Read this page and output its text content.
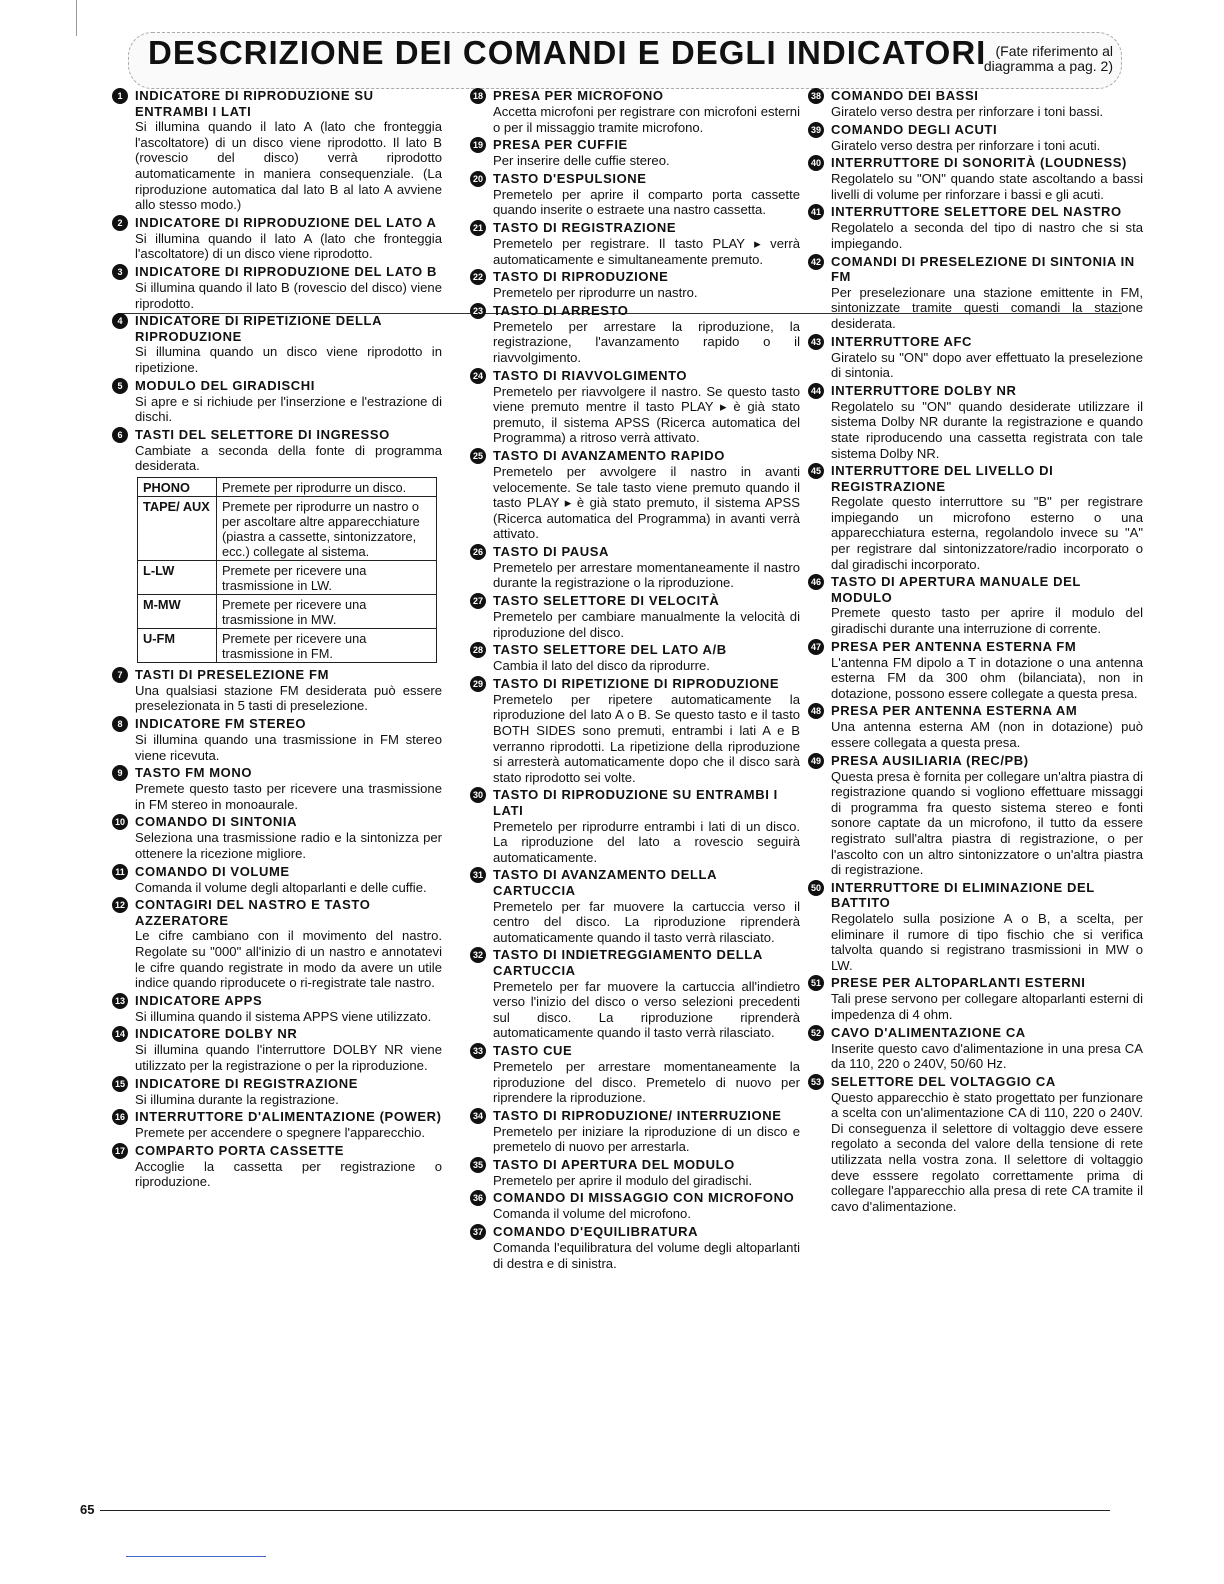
DESCRIZIONE DEI COMANDI E DEGLI INDICATORI (Fate riferimento al diagramma a pag. 2)
1 INDICATORE DI RIPRODUZIONE SU ENTRAMBI I LATI
Si illumina quando il lato A (lato che fronteggia l'ascoltatore) di un disco viene riprodotto. Il lato B (rovescio del disco) verrà riprodotto automaticamente in maniera consequenziale. (La riproduzione automatica dal lato B al lato A avviene allo stesso modo.)
2 INDICATORE DI RIPRODUZIONE DEL LATO A
Si illumina quando il lato A (lato che fronteggia l'ascoltatore) di un disco viene riprodotto.
3 INDICATORE DI RIPRODUZIONE DEL LATO B
Si illumina quando il lato B (rovescio del disco) viene riprodotto.
4 INDICATORE DI RIPETIZIONE DELLA RIPRODUZIONE
Si illumina quando un disco viene riprodotto in ripetizione.
5 MODULO DEL GIRADISCHI
Si apre e si richiude per l'inserzione e l'estrazione di dischi.
6 TASTI DEL SELETTORE DI INGRESSO
Cambiate a seconda della fonte di programma desiderata.
PHONO	Premete per riprodurre un disco.
TAPE/ AUX	Premete per riprodurre un nastro o per ascoltare altre apparecchiature (piastra a cassette, sintonizzatore, ecc.) collegate al sistema.
L-LW	Premete per ricevere una trasmissione in LW.
M-MW	Premete per ricevere una trasmissione in MW.
U-FM	Premete per ricevere una trasmissione in FM.
7 TASTI DI PRESELEZIONE FM
Una qualsiasi stazione FM desiderata può essere preselezionata in 5 tasti di preselezione.
8 INDICATORE FM STEREO
Si illumina quando una trasmissione in FM stereo viene ricevuta.
9 TASTO FM MONO
Premete questo tasto per ricevere una trasmissione in FM stereo in monoaurale.
10 COMANDO DI SINTONIA
Seleziona una trasmissione radio e la sintonizza per ottenere la ricezione migliore.
11 COMANDO DI VOLUME
Comanda il volume degli altoparlanti e delle cuffie.
12 CONTAGIRI DEL NASTRO E TASTO AZZERATORE
Le cifre cambiano con il movimento del nastro. Regolate su "000" all'inizio di un nastro e annotatevi le cifre quando registrate in modo da avere un utile indice quando riproducete o ri-registrate tale nastro.
13 INDICATORE APPS
Si illumina quando il sistema APPS viene utilizzato.
14 INDICATORE DOLBY NR
Si illumina quando l'interruttore DOLBY NR viene utilizzato per la registrazione o per la riproduzione.
15 INDICATORE DI REGISTRAZIONE
Si illumina durante la registrazione.
16 INTERRUTTORE D'ALIMENTAZIONE (POWER)
Premete per accendere o spegnere l'apparecchio.
17 COMPARTO PORTA CASSETTE
Accoglie la cassetta per registrazione o riproduzione.
18 PRESA PER MICROFONO
Accetta microfoni per registrare con microfoni esterni o per il missaggio tramite microfono.
19 PRESA PER CUFFIE
Per inserire delle cuffie stereo.
20 TASTO D'ESPULSIONE
Premetelo per aprire il comparto porta cassette quando inserite o estraete una nastro cassetta.
21 TASTO DI REGISTRAZIONE
Premetelo per registrare. Il tasto PLAY ▸ verrà automaticamente e simultaneamente premuto.
22 TASTO DI RIPRODUZIONE
Premetelo per riprodurre un nastro.
23 TASTO DI ARRESTO
Premetelo per arrestare la riproduzione, la registrazione, l'avanzamento rapido o il riavvolgimento.
24 TASTO DI RIAVVOLGIMENTO
Premetelo per riavvolgere il nastro. Se questo tasto viene premuto mentre il tasto PLAY ▸ è già stato premuto, il sistema APSS (Ricerca automatica del Programma) a ritroso verrà attivato.
25 TASTO DI AVANZAMENTO RAPIDO
Premetelo per avvolgere il nastro in avanti velocemente. Se tale tasto viene premuto quando il tasto PLAY ▸ è già stato premuto, il sistema APSS (Ricerca automatica del Programma) in avanti verrà attivato.
26 TASTO DI PAUSA
Premetelo per arrestare momentaneamente il nastro durante la registrazione o la riproduzione.
27 TASTO SELETTORE DI VELOCITÀ
Premetelo per cambiare manualmente la velocità di riproduzione del disco.
28 TASTO SELETTORE DEL LATO A/B
Cambia il lato del disco da riprodurre.
29 TASTO DI RIPETIZIONE DI RIPRODUZIONE
Premetelo per ripetere automaticamente la riproduzione del lato A o B. Se questo tasto e il tasto BOTH SIDES sono premuti, entrambi i lati A e B verranno riprodotti. La ripetizione della riproduzione si arresterà automaticamente dopo che il disco sarà stato riprodotto sei volte.
30 TASTO DI RIPRODUZIONE SU ENTRAMBI I LATI
Premetelo per riprodurre entrambi i lati di un disco. La riproduzione del lato a rovescio seguirà automaticamente.
31 TASTO DI AVANZAMENTO DELLA CARTUCCIA
Premetelo per far muovere la cartuccia verso il centro del disco. La riproduzione riprenderà automaticamente quando il tasto verrà rilasciato.
32 TASTO DI INDIETREGGIAMENTO DELLA CARTUCCIA
Premetelo per far muovere la cartuccia all'indietro verso l'inizio del disco o verso selezioni precedenti sul disco. La riproduzione riprenderà automaticamente quando il tasto verrà rilasciato.
33 TASTO CUE
Premetelo per arrestare momentaneamente la riproduzione del disco. Premetelo di nuovo per riprendere la riproduzione.
34 TASTO DI RIPRODUZIONE/ INTERRUZIONE
Premetelo per iniziare la riproduzione di un disco e premetelo di nuovo per arrestarla.
35 TASTO DI APERTURA DEL MODULO
Premetelo per aprire il modulo del giradischi.
36 COMANDO DI MISSAGGIO CON MICROFONO
Comanda il volume del microfono.
37 COMANDO D'EQUILIBRATURA
Comanda l'equilibratura del volume degli altoparlanti di destra e di sinistra.
38 COMANDO DEI BASSI
Giratelo verso destra per rinforzare i toni bassi.
39 COMANDO DEGLI ACUTI
Giratelo verso destra per rinforzare i toni acuti.
40 INTERRUTTORE DI SONORITÀ (LOUDNESS)
Regolatelo su "ON" quando state ascoltando a bassi livelli di volume per rinforzare i bassi e gli acuti.
41 INTERRUTTORE SELETTORE DEL NASTRO
Regolatelo a seconda del tipo di nastro che si sta impiegando.
42 COMANDI DI PRESELEZIONE DI SINTONIA IN FM
Per preselezionare una stazione emittente in FM, sintonizzate tramite questi comandi la stazione desiderata.
43 INTERRUTTORE AFC
Giratelo su "ON" dopo aver effettuato la preselezione di sintonia.
44 INTERRUTTORE DOLBY NR
Regolatelo su "ON" quando desiderate utilizzare il sistema Dolby NR durante la registrazione e quando state riproducendo una cassetta registrata con tale sistema Dolby NR.
45 INTERRUTTORE DEL LIVELLO DI REGISTRAZIONE
Regolate questo interruttore su "B" per registrare impiegando un microfono esterno o una apparecchiatura esterna, regolandolo invece su "A" per registrare dal sintonizzatore/radio incorporato o dal giradischi incorporato.
46 TASTO DI APERTURA MANUALE DEL MODULO
Premete questo tasto per aprire il modulo del giradischi durante una interruzione di corrente.
47 PRESA PER ANTENNA ESTERNA FM
L'antenna FM dipolo a T in dotazione o una antenna esterna FM da 300 ohm (bilanciata), non in dotazione, possono essere collegate a questa presa.
48 PRESA PER ANTENNA ESTERNA AM
Una antenna esterna AM (non in dotazione) può essere collegata a questa presa.
49 PRESA AUSILIARIA (REC/PB)
Questa presa è fornita per collegare un'altra piastra di registrazione quando si vogliono effettuare missaggi di programma fra questo sistema stereo e fonti sonore captate da un microfono, il tutto da essere registrato sull'altra piastra di registrazione, o per l'ascolto con un altro sintonizzatore o un'altra piastra di registrazione.
50 INTERRUTTORE DI ELIMINAZIONE DEL BATTITO
Regolatelo sulla posizione A o B, a scelta, per eliminare il rumore di tipo fischio che si verifica talvolta quando si registrano trasmissioni in MW o LW.
51 PRESE PER ALTOPARLANTI ESTERNI
Tali prese servono per collegare altoparlanti esterni di impedenza di 4 ohm.
52 CAVO D'ALIMENTAZIONE CA
Inserite questo cavo d'alimentazione in una presa CA da 110, 220 o 240V, 50/60 Hz.
53 SELETTORE DEL VOLTAGGIO CA
Questo apparecchio è stato progettato per funzionare a scelta con un'alimentazione CA di 110, 220 o 240V. Di conseguenza il selettore di voltaggio deve essere regolato a seconda del valore della tensione di rete utilizzata nella vostra zona. Il selettore di voltaggio deve esssere regolato correttamente prima di collegare l'apparecchio alla presa di rete CA tramite il cavo d'alimentazione.
65
